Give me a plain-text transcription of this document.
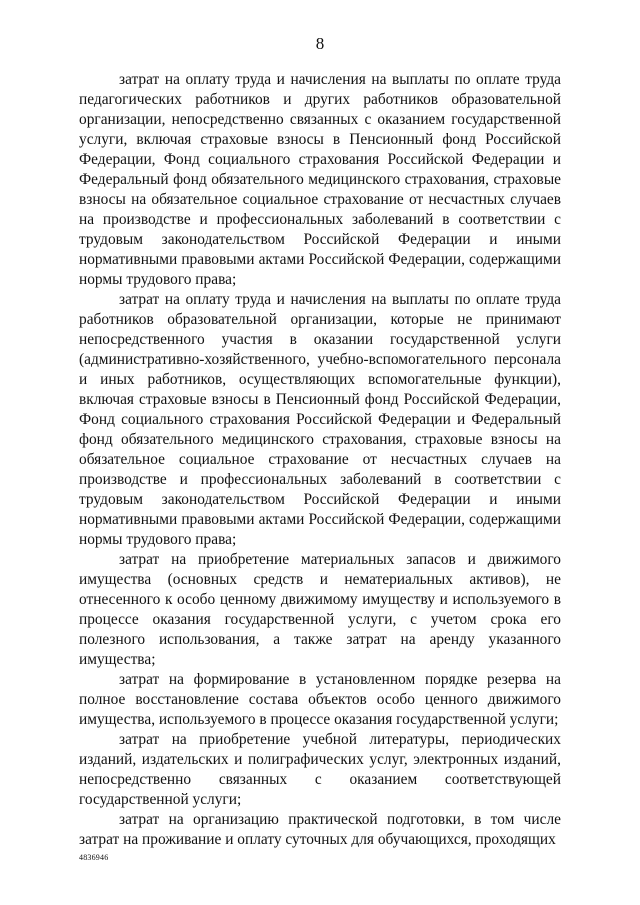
8

затрат на оплату труда и начисления на выплаты по оплате труда педагогических работников и других работников образовательной организации, непосредственно связанных с оказанием государственной услуги, включая страховые взносы в Пенсионный фонд Российской Федерации, Фонд социального страхования Российской Федерации и Федеральный фонд обязательного медицинского страхования, страховые взносы на обязательное социальное страхование от несчастных случаев на производстве и профессиональных заболеваний в соответствии с трудовым законодательством Российской Федерации и иными нормативными правовыми актами Российской Федерации, содержащими нормы трудового права;

затрат на оплату труда и начисления на выплаты по оплате труда работников образовательной организации, которые не принимают непосредственного участия в оказании государственной услуги (административно-хозяйственного, учебно-вспомогательного персонала и иных работников, осуществляющих вспомогательные функции), включая страховые взносы в Пенсионный фонд Российской Федерации, Фонд социального страхования Российской Федерации и Федеральный фонд обязательного медицинского страхования, страховые взносы на обязательное социальное страхование от несчастных случаев на производстве и профессиональных заболеваний в соответствии с трудовым законодательством Российской Федерации и иными нормативными правовыми актами Российской Федерации, содержащими нормы трудового права;

затрат на приобретение материальных запасов и движимого имущества (основных средств и нематериальных активов), не отнесенного к особо ценному движимому имуществу и используемого в процессе оказания государственной услуги, с учетом срока его полезного использования, а также затрат на аренду указанного имущества;

затрат на формирование в установленном порядке резерва на полное восстановление состава объектов особо ценного движимого имущества, используемого в процессе оказания государственной услуги;

затрат на приобретение учебной литературы, периодических изданий, издательских и полиграфических услуг, электронных изданий, непосредственно связанных с оказанием соответствующей государственной услуги;

затрат на организацию практической подготовки, в том числе затрат на проживание и оплату суточных для обучающихся, проходящих

4836946
